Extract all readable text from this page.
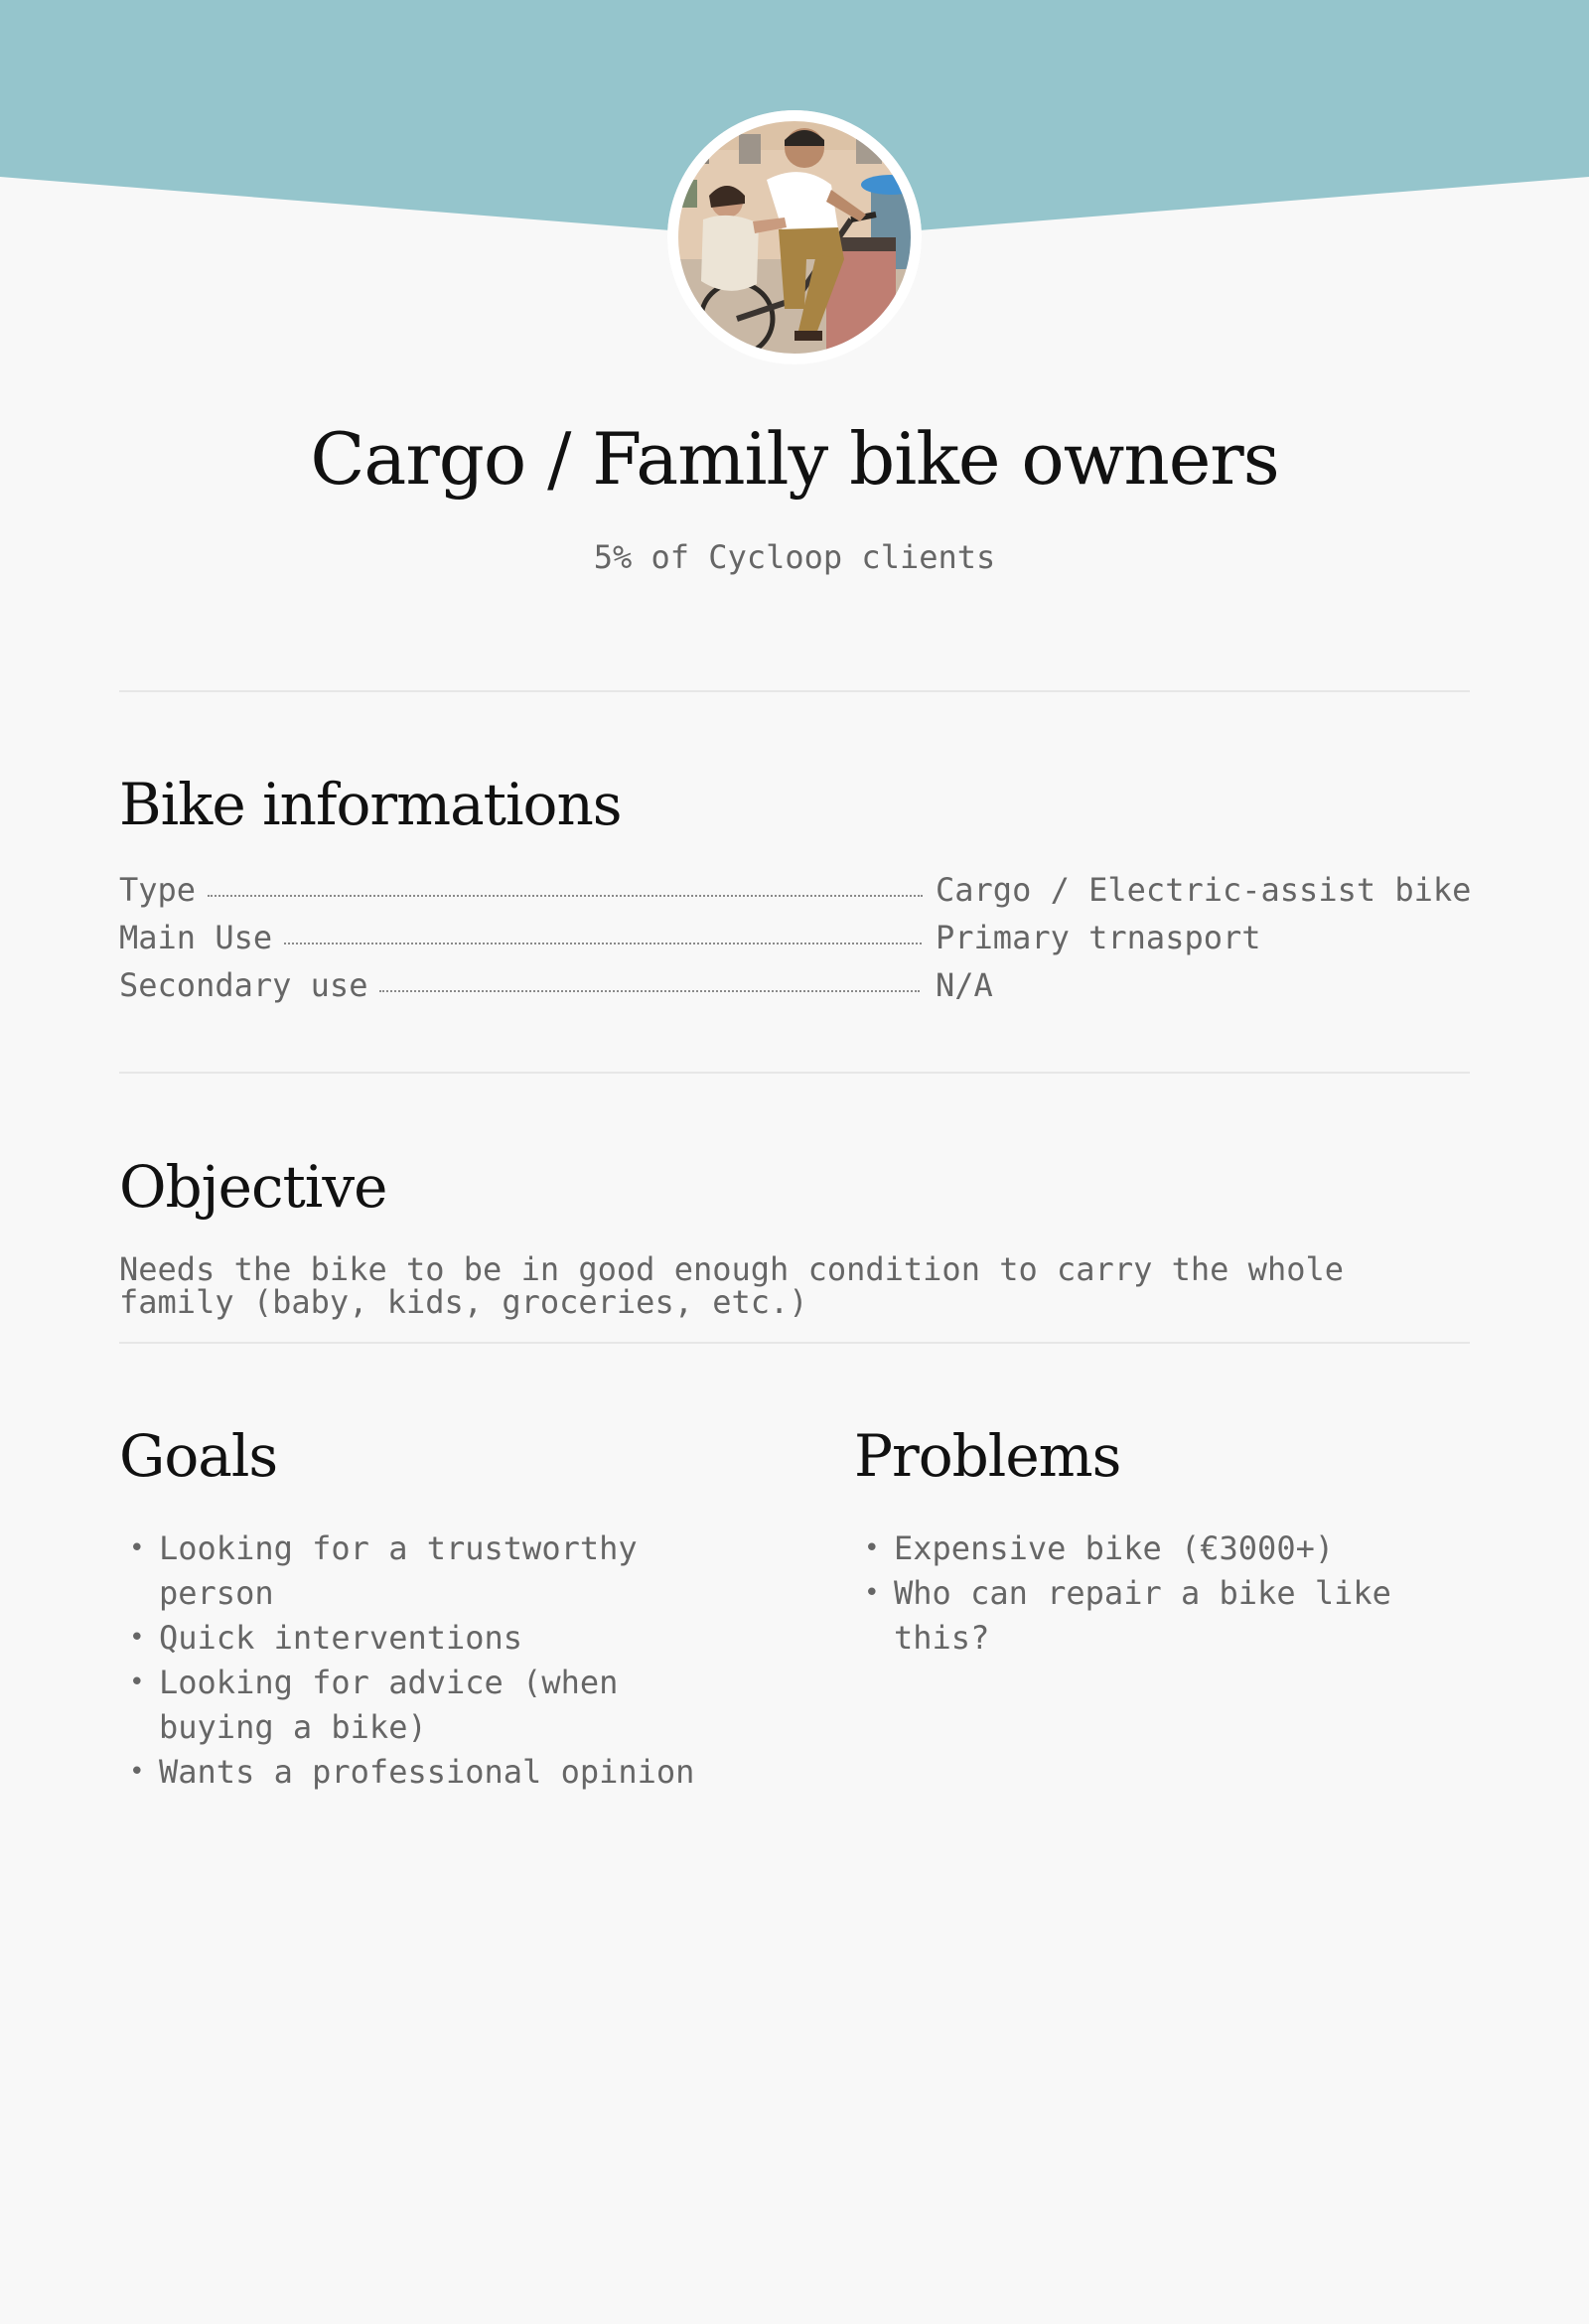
Cargo / Family bike owners
5% of Cycloop clients
Bike informations
Type	Cargo / Electric-assist bike
Main Use	Primary trnasport
Secondary use	N/A
Objective

Needs the bike to be in good enough condition to carry the whole family (baby, kids, groceries, etc.)

Goals
• Looking for a trustworthy person
• Quick interventions
• Looking for advice (when buying a bike)
• Wants a professional opinion
Problems
• Expensive bike (€3000+)
• Who can repair a bike like this?
